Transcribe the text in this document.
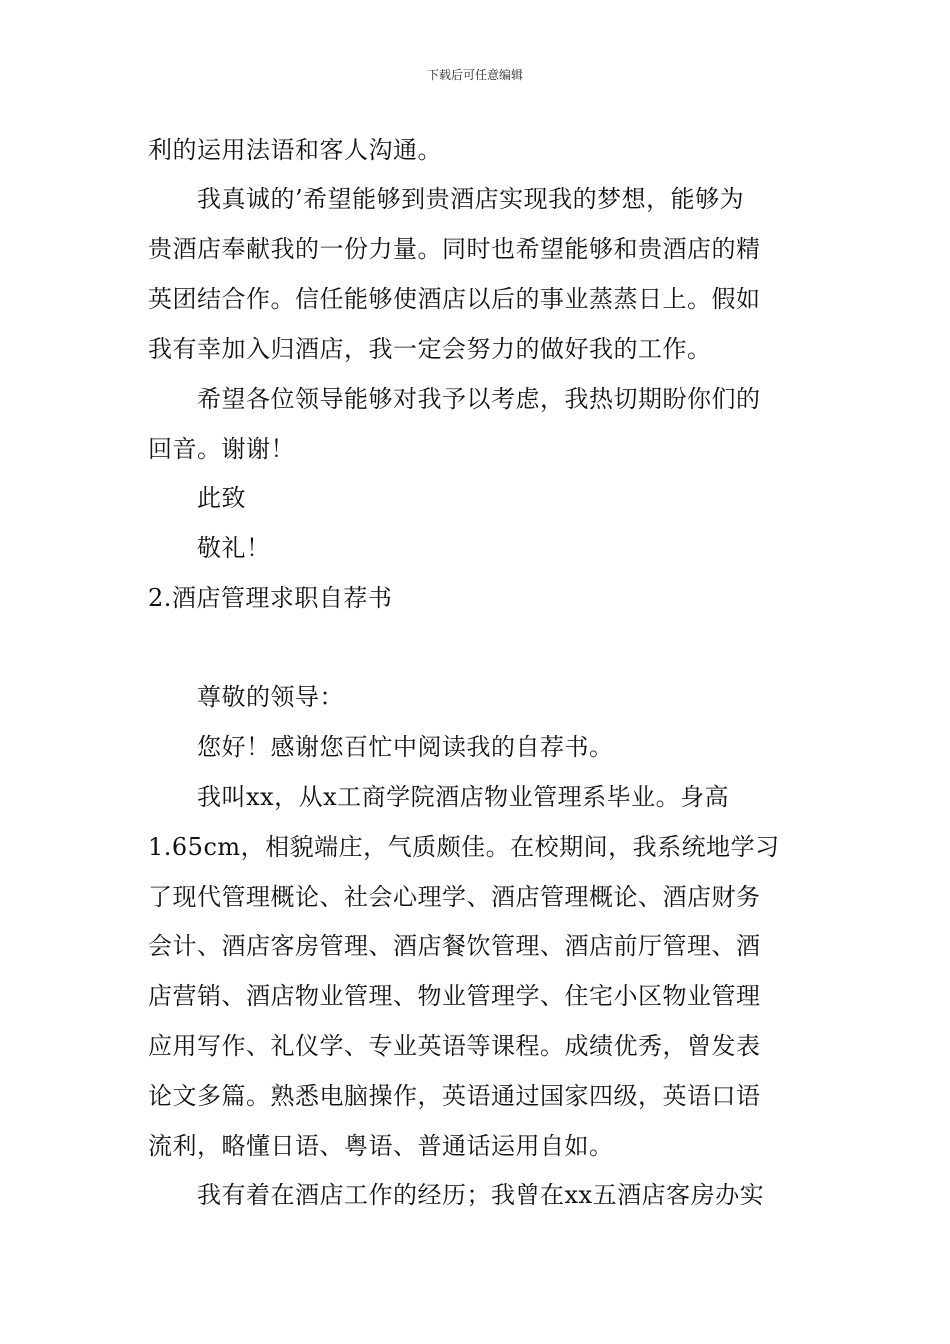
下载后可任意编辑
利的运用法语和客人沟通。
我真诚的’希望能够到贵酒店实现我的梦想，能够为
贵酒店奉献我的一份力量。同时也希望能够和贵酒店的精
英团结合作。信任能够使酒店以后的事业蒸蒸日上。假如
我有幸加入归酒店，我一定会努力的做好我的工作。
希望各位领导能够对我予以考虑，我热切期盼你们的
回音。谢谢！
此致
敬礼！
2.酒店管理求职自荐书
尊敬的领导：
您好！感谢您百忙中阅读我的自荐书。
我叫xx，从x工商学院酒店物业管理系毕业。身高
1.65cm，相貌端庄，气质颇佳。在校期间，我系统地学习
了现代管理概论、社会心理学、酒店管理概论、酒店财务
会计、酒店客房管理、酒店餐饮管理、酒店前厅管理、酒
店营销、酒店物业管理、物业管理学、住宅小区物业管理
应用写作、礼仪学、专业英语等课程。成绩优秀，曾发表
论文多篇。熟悉电脑操作，英语通过国家四级，英语口语
流利，略懂日语、粤语、普通话运用自如。
我有着在酒店工作的经历；我曾在xx五酒店客房办实
